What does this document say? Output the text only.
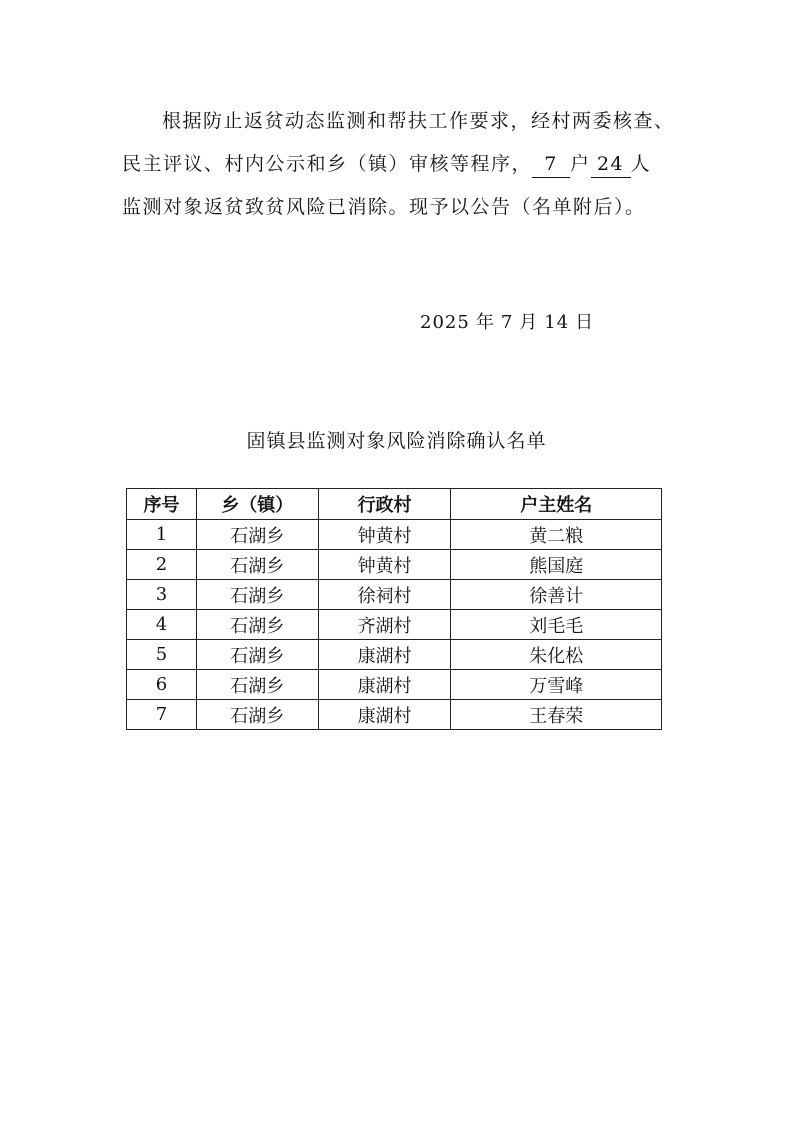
根据防止返贫动态监测和帮扶工作要求，经村两委核查、
民主评议、村内公示和乡（镇）审核等程序， 7 户 24 人
监测对象返贫致贫风险已消除。现予以公告（名单附后）。
2025 年 7 月 14 日
固镇县监测对象风险消除确认名单
序号	乡（镇）	行政村	户主姓名
1	石湖乡	钟黄村	黄二粮
2	石湖乡	钟黄村	熊国庭
3	石湖乡	徐祠村	徐善计
4	石湖乡	齐湖村	刘毛毛
5	石湖乡	康湖村	朱化松
6	石湖乡	康湖村	万雪峰
7	石湖乡	康湖村	王春荣
